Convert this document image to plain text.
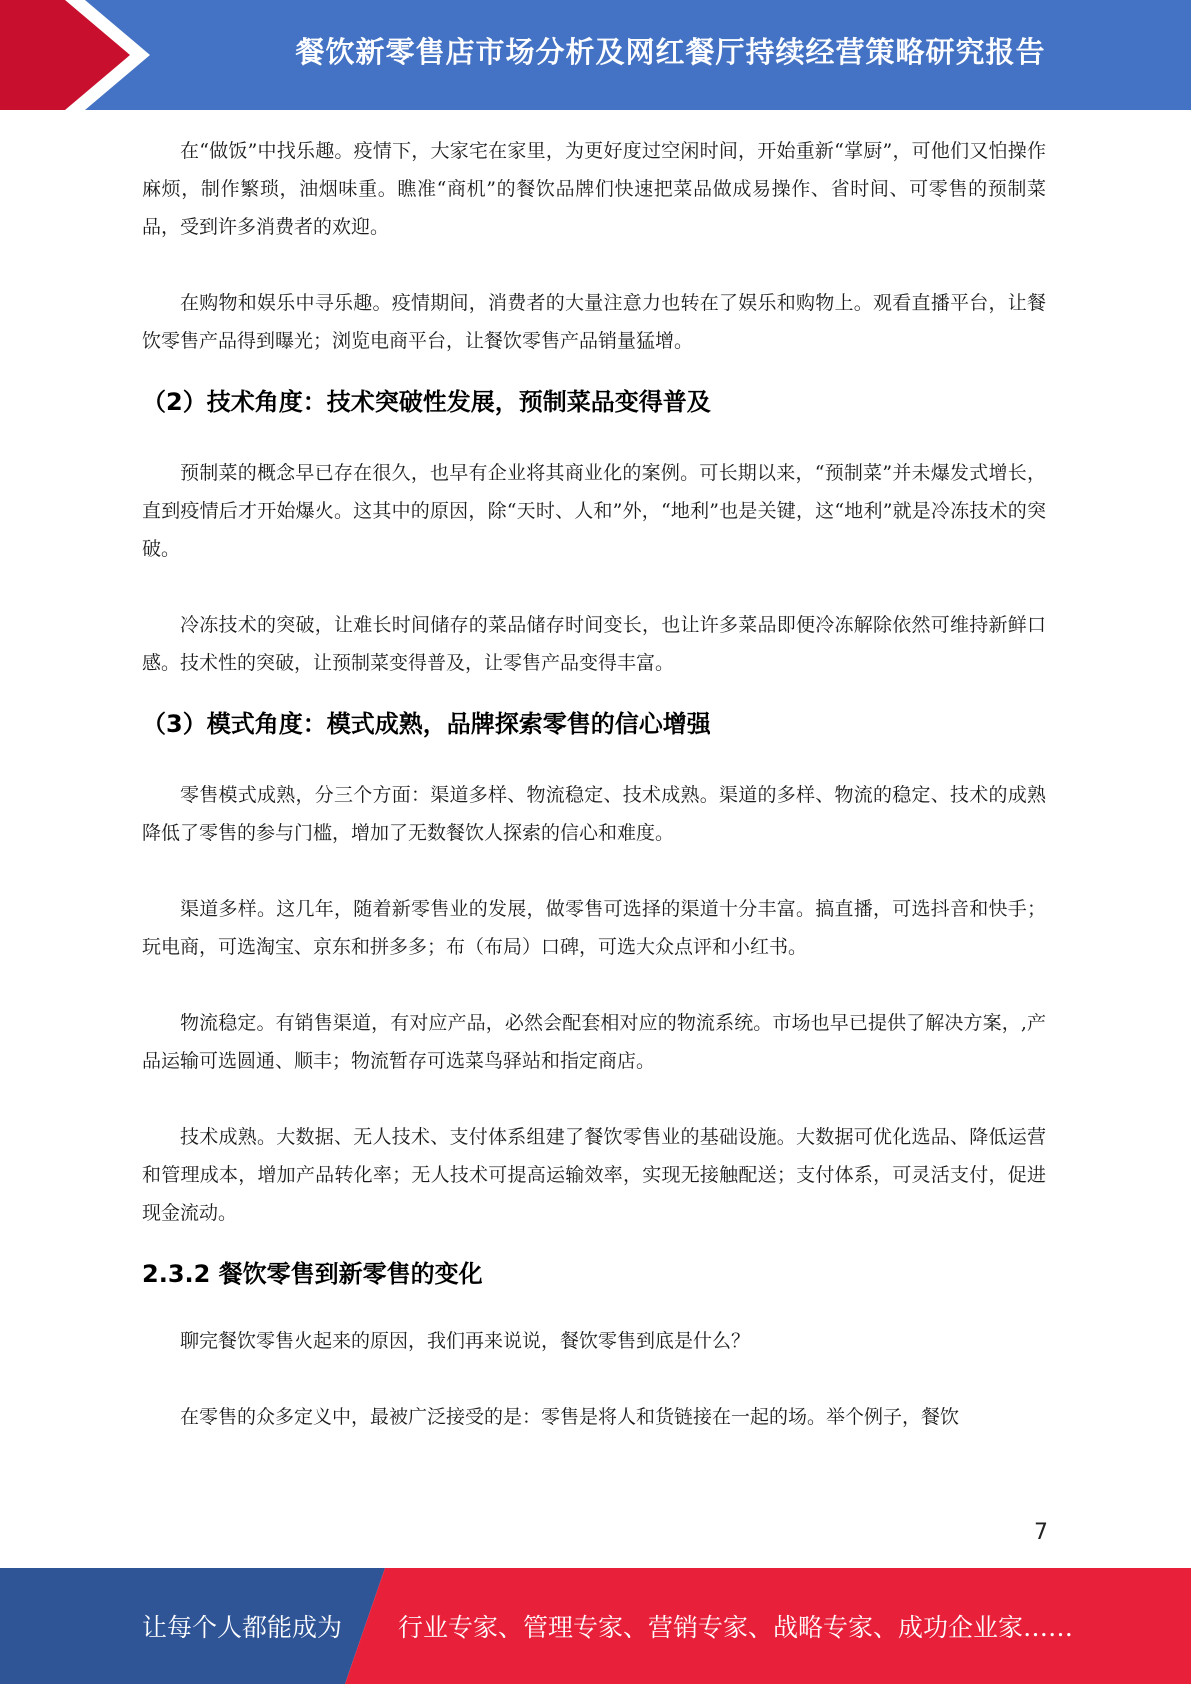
餐饮新零售店市场分析及网红餐厅持续经营策略研究报告

在“做饭”中找乐趣。疫情下，大家宅在家里，为更好度过空闲时间，开始重新“掌厨”，可他们又怕操作麻烦，制作繁琐，油烟味重。瞧准“商机”的餐饮品牌们快速把菜品做成易操作、省时间、可零售的预制菜品，受到许多消费者的欢迎。

在购物和娱乐中寻乐趣。疫情期间，消费者的大量注意力也转在了娱乐和购物上。观看直播平台，让餐饮零售产品得到曝光；浏览电商平台，让餐饮零售产品销量猛增。

（2）技术角度：技术突破性发展，预制菜品变得普及

预制菜的概念早已存在很久，也早有企业将其商业化的案例。可长期以来，“预制菜”并未爆发式增长，直到疫情后才开始爆火。这其中的原因，除“天时、人和”外，“地利”也是关键，这“地利”就是冷冻技术的突破。

冷冻技术的突破，让难长时间储存的菜品储存时间变长，也让许多菜品即便冷冻解除依然可维持新鲜口感。技术性的突破，让预制菜变得普及，让零售产品变得丰富。

（3）模式角度：模式成熟，品牌探索零售的信心增强

零售模式成熟，分三个方面：渠道多样、物流稳定、技术成熟。渠道的多样、物流的稳定、技术的成熟降低了零售的参与门槛，增加了无数餐饮人探索的信心和难度。

渠道多样。这几年，随着新零售业的发展，做零售可选择的渠道十分丰富。搞直播，可选抖音和快手；玩电商，可选淘宝、京东和拼多多；布（布局）口碑，可选大众点评和小红书。

物流稳定。有销售渠道，有对应产品，必然会配套相对应的物流系统。市场也早已提供了解决方案，,产品运输可选圆通、顺丰；物流暂存可选菜鸟驿站和指定商店。

技术成熟。大数据、无人技术、支付体系组建了餐饮零售业的基础设施。大数据可优化选品、降低运营和管理成本，增加产品转化率；无人技术可提高运输效率，实现无接触配送；支付体系，可灵活支付，促进现金流动。

2.3.2 餐饮零售到新零售的变化

聊完餐饮零售火起来的原因，我们再来说说，餐饮零售到底是什么？

在零售的众多定义中，最被广泛接受的是：零售是将人和货链接在一起的场。举个例子，餐饮

7
让每个人都能成为 行业专家、管理专家、营销专家、战略专家、成功企业家……
